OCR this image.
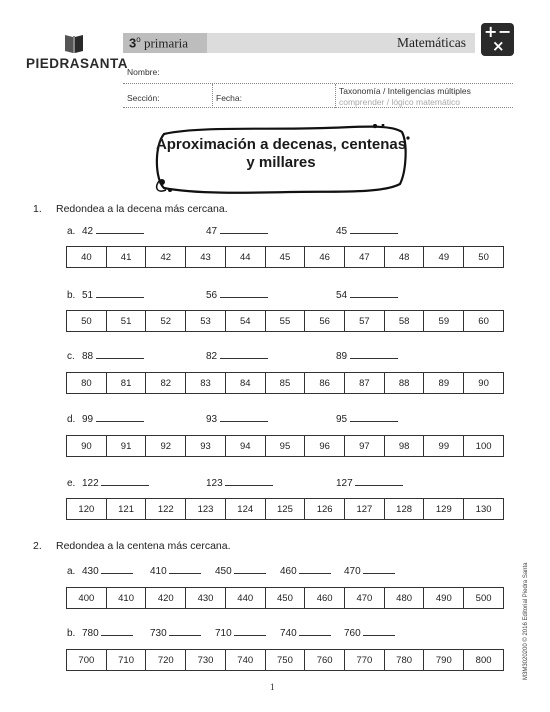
PIEDRASANTA
3$^o$ primaria	Matemáticas
+ −
×
Nombre:
Sección:	Fecha:
Taxonomía / Inteligencias múltiples
comprender / lógico matemático
Aproximación a decenas, centenas
y millares
1. Redondea a la decena más cercana.
a. 42	47	45
40	41	42	43	44	45	46	47	48	49	50
b. 51	56	54
50	51	52	53	54	55	56	57	58	59	60
c. 88	82	89
80	81	82	83	84	85	86	87	88	89	90
d. 99	93	95
90	91	92	93	94	95	96	97	98	99	100
e. 122	123	127
120	121	122	123	124	125	126	127	128	129	130
2. Redondea a la centena más cercana.
a. 430	410	450	460	470
400	410	420	430	440	450	460	470	480	490	500
b. 780	730	710	740	760
700	710	720	730	740	750	760	770	780	790	800	M3M3020200 © 2016 Editorial Piedra Santa
1
